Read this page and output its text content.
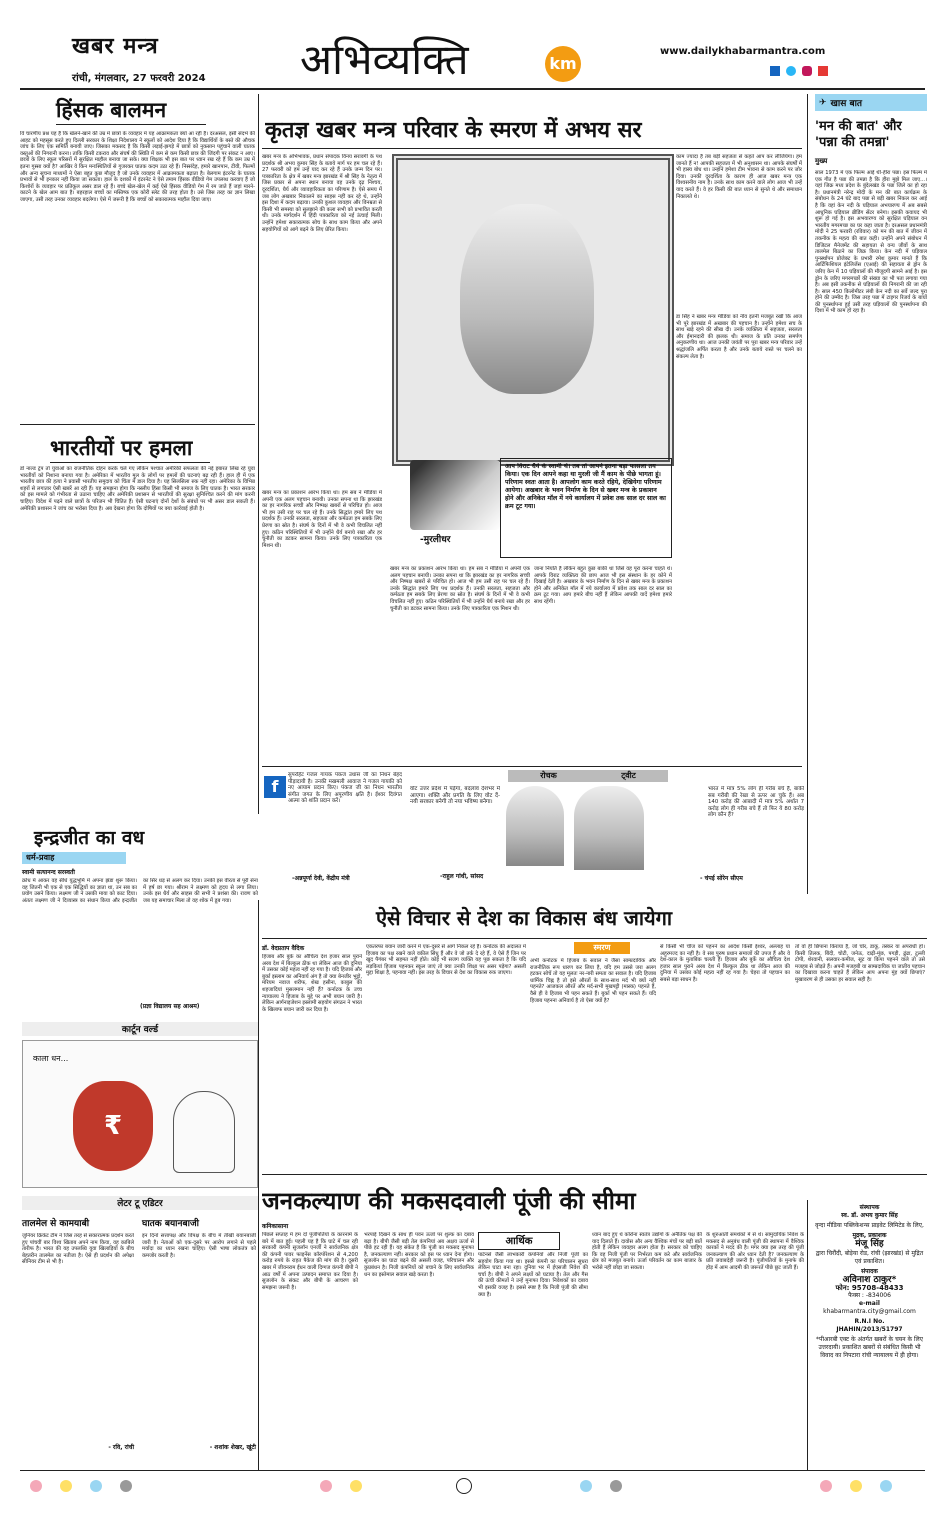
खबर मन्त्र
रांची, मंगलवार, 27 फरवरी 2024 अभिव्यक्ति	km
www.dailykhabarmantra.com
हिंसक बालमन
वि चारणीय प्रश्न यह है कि खेलने-खाने की उम्र में छात्रों के व्यवहार में यह आक्रामकता क्यों आ रही है। दरअसल, इसी संदर्भ की आहट को महसूस करते हुए दिल्ली सरकार के शिक्षा निदेशालय ने स्कूलों को आदेश दिया है कि विद्यार्थियों के बस्ते की औचक जांच के लिए एक समिति बनायी जाए। जिसका मकसद है कि किसी लड़ाई-झगड़े में छात्रों को नुकसान पहुंचाने वाली घातक वस्तुओं की निगरानी करना। ताकि किसी टकराव और संघर्ष की स्थिति में कम से कम किसी छात्र की जिंदगी पर संकट न आए। छात्रों के लिए स्कूल परिसरों में सुरक्षित माहौल बनाया जा सके। क्या शिक्षक भी इस बात पर ध्यान रख रहे हैं कि कम उम्र में इतना गुस्सा क्यों है? आखिर वे किन मनःस्थितियों से गुजरकर घातक कदम उठा रहे हैं। निस्संदेह, हमारे खानपान, टीवी, फिल्मों और अन्य सूचना माध्यमों ने ऐसा बहुत कुछ मौजूद है जो उनके व्यवहार में आक्रामकता बढ़ाता है। बेलगाम इंटरनेट के घातक प्रभावों से भी इनकार नहीं किया जा सकता। हाल के दशकों में इंटरनेट ने ऐसे तमाम हिंसक वीडियो गेम उपलब्ध करवाए हैं जो किशोरों के व्यवहार पर प्रतिकूल असर डाल रहे हैं। बच्चे खेल-खेल में कई ऐसे हिंसक वीडियो गेम में रम जाते हैं जहां मारने-काटने के खेल आम बात है। बहरहाल बच्चों का मस्तिष्क एक कोरी स्लेट की तरह होता है। उसे जिस तरह का ज्ञान लिखा जाएगा, उसी तरह उनका व्यवहार बदलेगा। ऐसे में जरूरी है कि बच्चों को सकारात्मक माहौल दिया जाए।
भारतीयों पर हमला
डो नाल्ड ट्रंप तो युवाओं का राजनीतिक दोहन करके चले गए लेकिन पश्चात अमेरिकी सफलता की नई इबारत लिख रहे युवा भारतीयों को निशाना बनाया गया है। अमेरिका में भारतीय मूल के लोगों पर हमलों की घटनाएं बढ़ रही हैं। हाल ही में एक भारतीय छात्र की हत्या ने प्रवासी भारतीय समुदाय को चिंता में डाल दिया है। यह सिलसिला रुक नहीं रहा। अमेरिका के विभिन्न शहरों से लगातार ऐसी खबरें आ रही हैं। यह समझना होगा कि नस्लीय हिंसा किसी भी समाज के लिए घातक है। भारत सरकार को इस मामले को गंभीरता से उठाना चाहिए और अमेरिकी प्रशासन से भारतीयों की सुरक्षा सुनिश्चित करने की मांग करनी चाहिए। विदेश में पढ़ने वाले छात्रों के परिजन भी चिंतित हैं। ऐसी घटनाएं दोनों देशों के संबंधों पर भी असर डाल सकती हैं। अमेरिकी प्रशासन ने जांच का भरोसा दिया है। अब देखना होगा कि दोषियों पर क्या कार्रवाई होती है।
कृतज्ञ खबर मन्त्र परिवार के स्मरण में अभय सर
खबर मन्त्र के अभिभावक, प्रधान संपादक विनय सरावगी के पथ प्रदर्शक श्री अभय कुमार सिंह के बताये मार्ग पर हम चल रहे हैं। 27 फरवरी को हम उन्हें याद कर रहे हैं उनके जन्म दिन पर। पत्रकारिता के क्षेत्र में खबर मन्त्र झारखंड में श्री सिंह के नेतृत्व में जिस प्रकार से अपना स्थान बनाया वह उनके दृढ़ निश्चय, दूरदर्शिता, धैर्य और व्यावहारिकता का परिणाम है। ऐसे समय में जब लोग अखबार निकालने का साहस नहीं कर रहे थे, उन्होंने इस दिशा में कदम बढ़ाया। उनकी कुशल व्यवहार और विनम्रता से किसी भी समस्या को सुलझाने की कला सभी को प्रभावित करती थी। उनके मार्गदर्शन में हिंदी पत्रकारिता को नई ऊंचाई मिली। उन्होंने हमेशा सकारात्मक सोच के साथ काम किया और अपने सहयोगियों को आगे बढ़ने के लिए प्रेरित किया।
काम ज्यादा है तब बड़ी सहजता से कहते आप कर लीजियेगा। हम जानते हैं न! आपकी सहजता में भी अनुशासन था। आपके संघर्षों में भी हास्य बोध था। उन्होंने हमेशा टीम भावना से काम करने पर जोर दिया। उनकी दूरदर्शिता के कारण ही आज खबर मन्त्र एक विश्वसनीय नाम है। उनके साथ काम करने वाले लोग आज भी उन्हें याद करते हैं। वे हर किसी की बात ध्यान से सुनते थे और समाधान निकालते थे।
डा सिंह ने खबर मन्त्र मीडिया को नीव इतनी मजबूत रखी कि आज भी पूरे झारखंड में अखबार की पहचान है। उन्होंने हमेशा सच के साथ खड़े रहने की सीख दी। उनके व्यक्तित्व में सहजता, सरलता और ईमानदारी की झलक थी। समाज के प्रति उनका समर्पण अनुकरणीय था। आज उनकी जयंती पर पूरा खबर मन्त्र परिवार उन्हें श्रद्धांजलि अर्पित करता है और उनके बताये रास्ते पर चलने का संकल्प लेता है।
-मुरलीधर
आप विराट धैर्य के स्वामी थे। तब तो आपने इतना बड़ा फासला तय किया। एक दिन आपने कहा था मुरली जी मैं काम के पीछे भागता हूं। परिणाम स्वतः आता है। आपलोग काम करते रहिये, देखियेगा परिणाम आयेगा। अखबार के भवन निर्माण के दिन से खबर मन्त्र के प्रकाशन होने और अनिकेत मॉल में नये कार्यालय में प्रवेश तक साल दर साल का क्रम टूट गया।
खबर मन्त्र का प्रकाशन आरंभ किया था। हम सब ने मीडिया में अपनी एक अलग पहचान बनायी। उनका सपना था कि झारखंड का हर नागरिक सच्ची और निष्पक्ष खबरों से परिचित हो। आज भी हम उसी राह पर चल रहे हैं। उनके सिद्धांत हमारे लिए पथ प्रदर्शक हैं। उनकी सरलता, सहजता और कर्मठता हम सबके लिए प्रेरणा का स्रोत है। संघर्ष के दिनों में भी वे कभी विचलित नहीं हुए। कठिन परिस्थितियों में भी उन्होंने धैर्य बनाये रखा और हर चुनौती का डटकर सामना किया। उनके लिए पत्रकारिता एक मिशन थी।
जाना नियति है लेकिन बहुत कुछ बाकी था जिसे वह पूरा करना चाहते थे। आपके विराट व्यक्तित्व की छाप आज भी इस संस्थान के हर कोने में दिखाई देती है। अखबार के भवन निर्माण के दिन से खबर मन्त्र के प्रकाशन होने और अनिकेत मॉल में नये कार्यालय में प्रवेश तक साल दर साल का क्रम टूट गया। आप हमारे बीच नहीं हैं लेकिन आपकी यादें हमेशा हमारे साथ रहेंगी।
खबर मन्त्र का प्रकाशन आरंभ किया था। हम सब ने मीडिया में अपनी एक अलग पहचान बनायी। उनका सपना था कि झारखंड का हर नागरिक सच्ची और निष्पक्ष खबरों से परिचित हो। आज भी हम उसी राह पर चल रहे हैं। उनके सिद्धांत हमारे लिए पथ प्रदर्शक हैं। उनकी सरलता, सहजता और कर्मठता हम सबके लिए प्रेरणा का स्रोत है। संघर्ष के दिनों में भी वे कभी विचलित नहीं हुए। कठिन परिस्थितियों में भी उन्होंने धैर्य बनाये रखा और हर चुनौती का डटकर सामना किया। उनके लिए पत्रकारिता एक मिशन थी।
✈ खास बात
'मन की बात' और 'पन्ना की तमन्ना'
मुख्य
साल 1973 में एक फिल्म आई थी-हीरा पन्ना। इस फिल्म में एक गीत है पन्ना की तमन्ना है कि हीरा मुझे मिल जाए...। यहां जिक्र मध्य प्रदेश के बुंदेलखंड के पन्ना जिले का हो रहा है। प्रधानमंत्री नरेन्द्र मोदी के मन की बात कार्यक्रम के संबोधन के 24 घंटे बाद पन्ना से बड़ी खबर निकल कर आई है कि वहां केन नदी के घड़ियाल अभयारण्य में अब सबसे आधुनिक घड़ियाल ब्रीडिंग सेंटर बनेगा। इसकी कवायद भी शुरू हो गई है। इस अभयारण्य को सुरक्षित घड़ियाल वन भारतीय मगरमच्छ का घर कहा जाता है। दरअसल प्रधानमंत्री मोदी ने 25 फरवरी (रविवार) को मन की बात में जीवन में तकनीक के महत्व की बात कही। उन्होंने अपने संबोधन में डिजिटल मैनेजमेंट की सहायता से वन्य जीवों के साथ तालमेल बिठाने का जिक्र किया। केन नदी में घड़ियाल पुनर्स्थापन प्रोजेक्ट के प्रभारी रमेश कुमार मानते हैं कि आर्टिफिशियल इंटेलिजेंस (एआई) की सहायता से ड्रोन के जरिए केन में 10 घड़ियालों की मौजूदगी सामने आई है। इस ड्रोन के जरिए मगरमच्छों की संख्या का भी पता लगाया गया है। अब इसी तकनीक से घड़ियालों की निगरानी की जा रही है। साल 450 किलोमीटर लंबी केन नदी का सर्वे जल्द पूरा होने की उम्मीद है। जिस तरह पन्ना में टाइगर रिजर्व के बाघों की पुनर्स्थापना हुई उसी तरह घड़ियालों की पुनर्स्थापना की दिशा में भी काम हो रहा है।
f
सुपरहिट गजल गायक पंकज उधास जी का निधन बेहद पीड़ादायी है। उनकी मखमली आवाज ने गजल गायकी को नए आयाम प्रदान किए। पंकज जी का निधन भारतीय संगीत जगत के लिए अपूरणीय क्षति है। ईश्वर दिवंगत आत्मा को शांति प्रदान करें।
-अन्नपूर्णा देवी, केंद्रीय मंत्री
रोचक	ट्वीट
वोट उत्तर प्रदेश में पड़ेगा, बदलाव देशभर में आएगा। शक्ति और प्रगति के लिए वोट दें- नयी सरकार बनेगी तो नया भविष्य बनेगा।
-राहुल गांधी, सांसद
भारत में मात्र 5% लोग ही गरीब बचे हैं, बाकी सब गरीबी की रेखा से ऊपर आ चुके हैं। अब 140 करोड़ की आबादी में मात्र 5% अर्थात 7 करोड़ लोग ही गरीब बचे हैं तो फिर ये 80 करोड़ लोग कौन हैं?
- चंपई सोरेन सीएम
इन्द्रजीत का वध
धर्म-प्रवाह
स्वामी सत्यानन्द सरस्वती
क्रोध में आकर वह सीधे युद्धभूमि में अपना झंडा शुरू किया। वह जितनी भी एक से एक सिद्धियों का ज्ञाता था, उन सब का प्रयोग उसने किया। लक्ष्मण जी ने उसकी माया को काट दिया। अंततः लक्ष्मण जी ने दिव्यास्त्र का संधान किया और इन्द्रजीत का सिर धड़ से अलग कर दिया। उनकी इस वीरता से पूरी सेना में हर्ष छा गया। श्रीराम ने लक्ष्मण को हृदय से लगा लिया। उनके इस धैर्य और साहस की सभी ने प्रशंसा की। रावण को जब यह समाचार मिला तो वह शोक में डूब गया।
(प्रज्ञा विद्यालय सह आश्रम)
कार्टून वर्ल्ड
काला धन...
₹
लेटर टू एडिटर
तालमेल से कामयाबी
जुनियर क्रिकेट टीम ने जिस तरह से सकारात्मक प्रदर्शन करते हुए पांचवीं बार विश्व खिताब अपने नाम किया, वह काबिले तारीफ है। भारत की यह उपलब्धि युवा खिलाड़ियों के बीच बेहतरीन तालमेल का नतीजा है। ऐसे ही प्रदर्शन की अपेक्षा सीनियर टीम से भी है।
- रवि, रांची
घातक बयानबाजी
इन दिनों सत्तापक्ष और विपक्ष के बीच में तीखी बयानबाजी जारी है। नेताओं को एक-दूसरे पर आरोप लगाने से पहले मर्यादा का ध्यान रखना चाहिए। ऐसी भाषा लोकतंत्र को कमजोर करती है।
- शशांक शेखर, खूंटी
ऐसे विचार से देश का विकास बंध जायेगा
डॉ. वेदप्रताप वैदिक
हिजाब और बुर्के का औचित्य देश हजार साल पुराने अरब देश में बिल्कुल ठीक था लेकिन आज की दुनिया में उसका कोई महत्व नहीं रह गया है। यदि हिजाब और बुर्का इस्लाम का अनिवार्य अंग है तो क्या बेनजीर भुट्टो, मरियम नवाज शरीफ, शेख हसीना, काबुल की शहजादियां मुसलमान नहीं हैं? कर्नाटक के उच्च न्यायालय ने हिजाब के मुद्दे पर अभी बयान जारी है। लेकिन आर्गनाइजेशन इस्लामी सहयोग संगठन ने भारत के खिलाफ बयान जारी कर दिया है।
एकतरफा बयान जारी करने में एक-दूसरे से आगे निकल रहे हैं। कर्नाटक की अदालत में हिजाब का पक्ष रखने वाले वकील सिंधु हैं और वे जो तर्क दे रहे हैं, वे ऐसे हैं जिन पर खुद पैगंबर भी सहमत नहीं होते। कोई भी सजग व्यक्ति यह पूछ सकता है कि यदि लड़कियां हिजाब पहनकर स्कूल जाएं तो क्या उनकी शिक्षा पर असर पड़ेगा? असली मुद्दा शिक्षा है, पहनावा नहीं। इस तरह के विचार से देश का विकास रुक जाएगा।
स्मरण
अभी कर्नाटक में हिजाब के सवाल ने जैसा साम्प्रदायिक और राजनीतिक रूप धारण कर लिया है, यदि हम उससे जरा अलग हटकर सोचें तो यह मूलतः नर-नारी समता का सवाल है। यदि हिजाब धार्मिक चिह्न है तो इसे औरतों के साथ-साथ मर्द भी क्यों नहीं पहनते? आजकल औरतें और मर्द-सभी मुखपट्टी (मास्क) पहनते हैं, वैसे ही वे हिजाब भी पहन सकते हैं। बुर्का भी पहन सकते हैं। यदि हिजाब पहनना अनिवार्य है तो ऐसा क्यों है?
से किसी भी चीज को पहनने का आदेश किसी ईश्वर, अल्लाह या अहुरमज्द का नहीं है। वे सब पुरुष प्रधान समाजों की उपज हैं और वे देश-काल के मुताबिक चलती हैं। हिजाब और बुर्के का औचित्य देश हजार साल पुराने अरब देश में बिल्कुल ठीक था लेकिन आज की दुनिया में उसका कोई महत्व नहीं रह गया है। चेहरा तो पहचान का सबसे बड़ा साधन है।
तो वो ही छिपाना किराया है, जो चोर, डाकू, तस्कर या अपराधी हो। किसी तिलक, बिंदी, चोटी, जनेऊ, दाढ़ी-मूंछ, पगड़ी, ढुंढा, टुल्ली टोपी, शेरवानी, सलवार-कमीज, सूट या किपा पहनने वाले तो उसे मजहब से जोड़ते हैं। अपनी मजहबी या साम्प्रदायिक या जातीय पहचान का दिखावा करना चाहते हैं लेकिन आप अपना मुंह क्यों छिपाएं? मुखावरण से ही उसका हर सवाल सही है।
जनकल्याण की मकसदवाली पूंजी की सीमा
कनिकासाना
पिछले सप्ताह में हम दो पूंजीपतियों के कारनामे के बारे में बात हुई। पहली यह है कि घाटे में चल रही सरकारी कंपनी सुजलॉन एनर्जी ने सार्वजनिक क्षेत्र की कंपनी पावर फाइनेंस कॉरपोरेशन से 4,200 करोड़ रुपये के राहत पैकेज की मांग की है। दूसरी खबर में जीवनराम ईंधन वाली दिग्गज कंपनी बीपी ने आठ वर्षों में अपना उत्पादन समाप्त कर दिया है। सुजलॉन के संकट और बीपी के आचरण को समझना जरूरी है।
भरपाई दिखने के साथ ही पवन ऊर्जा पर शुल्क का दबाव बढ़ा है। बीपी जैसी बड़ी तेल कंपनियां अब अक्षय ऊर्जा से पीछे हट रही हैं। यह संकेत है कि पूंजी का मकसद मुनाफा है, जनकल्याण नहीं। सरकार को इस पर ध्यान देना होगा। सुजलॉन का घाटा बढ़ने की असली वजह, परिचालन और कुप्रबंधन है। निजी कंपनियों को बचाने के लिए सार्वजनिक धन का इस्तेमाल सवाल खड़े करता है।
आर्थिक
पार्टनर्स जैसी लाभकारी कंपनियों और निजी पूंजी का सहयोग किया गया था। इससे कंपनी का परिचालन सुधरा लेकिन घाटा बना रहा। दुनिया भर में ईएसजी निवेश की चर्चा है। बीपी ने अपने लक्ष्यों को घटाया है। तेल और गैस की ऊंची कीमतों ने उन्हें मुनाफा दिया। निवेशकों का दबाव भी इसकी वजह है। इससे स्पष्ट है कि निजी पूंजी की सीमा क्या है।
ध्यान बाद हुए थे कोरोना स्वतंत्र उद्योगों के अनैतिक पक्ष की याद दिलाते हैं। दावोस और अन्य वैश्विक मंचों पर बड़ी बातें होती हैं लेकिन व्यवहार अलग होता है। सरकार को चाहिए कि वह निजी पूंजी पर निर्भरता कम करे और सार्वजनिक क्षेत्र को मजबूत बनाये। ऊर्जा परिवर्तन का काम बाजार के भरोसे नहीं छोड़ा जा सकता।
के शुरुआती समर्थकों में से थे। सामुदायिक निवेश के मकसद से अनुबंध वाली पूंजी की स्थापना में वैश्विक कारकों ने मदद की है। मगर क्या इस तरह की पूंजी जनकल्याण की ओर ध्यान देती है? जनकल्याण के प्रति जवाबदेही जरूरी है। पूंजीपतियों के मुनाफे की होड़ में आम आदमी की जरूरतें पीछे छूट जाती हैं।
संस्थापक
स्व. डॉ. अभय कुमार सिंह
वृन्दा मीडिया पब्लिकेशन्स प्राइवेट लिमिटेड के लिए,
मुद्रक, प्रकाशक
मंजू सिंह
द्वारा चिरौंदी, बोड़ेया रोड, रांची (झारखंड) से मुद्रित एवं प्रकाशित।
संपादक
अविनाश ठाकुर*
फोन: 95708-48433
फैक्स : -834006
e-mail
khabarmantra.city@gmail.com
R.N.I No.
JHAHIN/2013/51797
*पीआरबी एक्ट के अंतर्गत खबरों के चयन के लिए उत्तरदायी। प्रकाशित खबरों से संबंधित किसी भी विवाद का निपटारा रांची न्यायालय में ही होगा।
